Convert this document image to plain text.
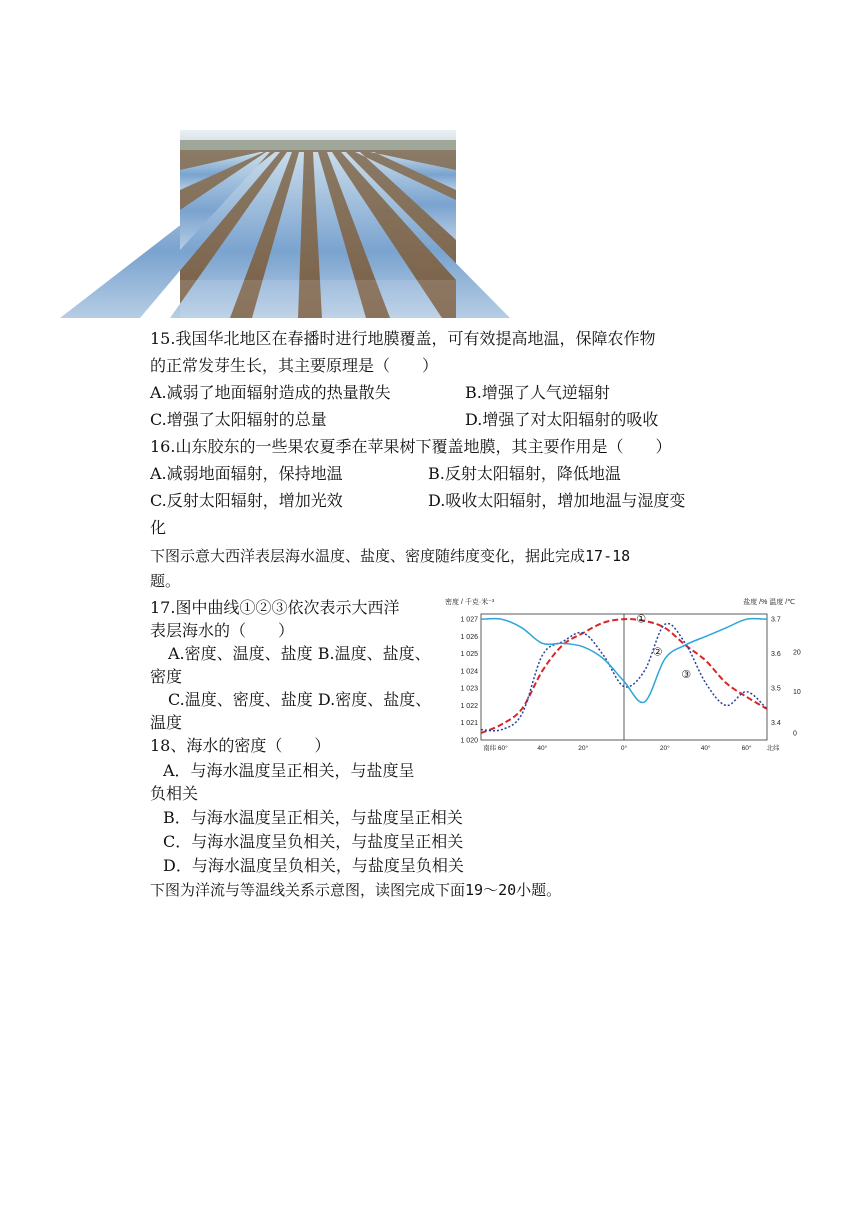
15.我国华北地区在春播时进行地膜覆盖，可有效提高地温，保障农作物
的正常发芽生长，其主要原理是（　　）
A.减弱了地面辐射造成的热量散失	B.增强了人气逆辐射
C.增强了太阳辐射的总量	D.增强了对太阳辐射的吸收
16.山东胶东的一些果农夏季在苹果树下覆盖地膜，其主要作用是（　　）
A.减弱地面辐射，保持地温	B.反射太阳辐射，降低地温
C.反射太阳辐射，增加光效	D.吸收太阳辐射，增加地温与湿度变
化
下图示意大西洋表层海水温度、盐度、密度随纬度变化，据此完成17-18
题。
17.图中曲线①②③依次表示大西洋
表层海水的（　　）
A.密度、温度、盐度 B.温度、盐度、
密度
C.温度、密度、盐度 D.密度、盐度、
温度
18、海水的密度（　　）
A．与海水温度呈正相关，与盐度呈
负相关
B．与海水温度呈正相关，与盐度呈正相关
C．与海水温度呈负相关，与盐度呈正相关
D．与海水温度呈负相关，与盐度呈负相关
下图为洋流与等温线关系示意图，读图完成下面19～20小题。
密度 / 千克·米⁻³	盐度 /% 温度 /℃
1 027
1 026
1 025
1 024
1 023
1 022
1 021
1 020
3.7
3.6
3.5
3.4
20
10
0
南纬 60°	40°	20°	0°	20°	40°	60° 北纬
①
②
③
